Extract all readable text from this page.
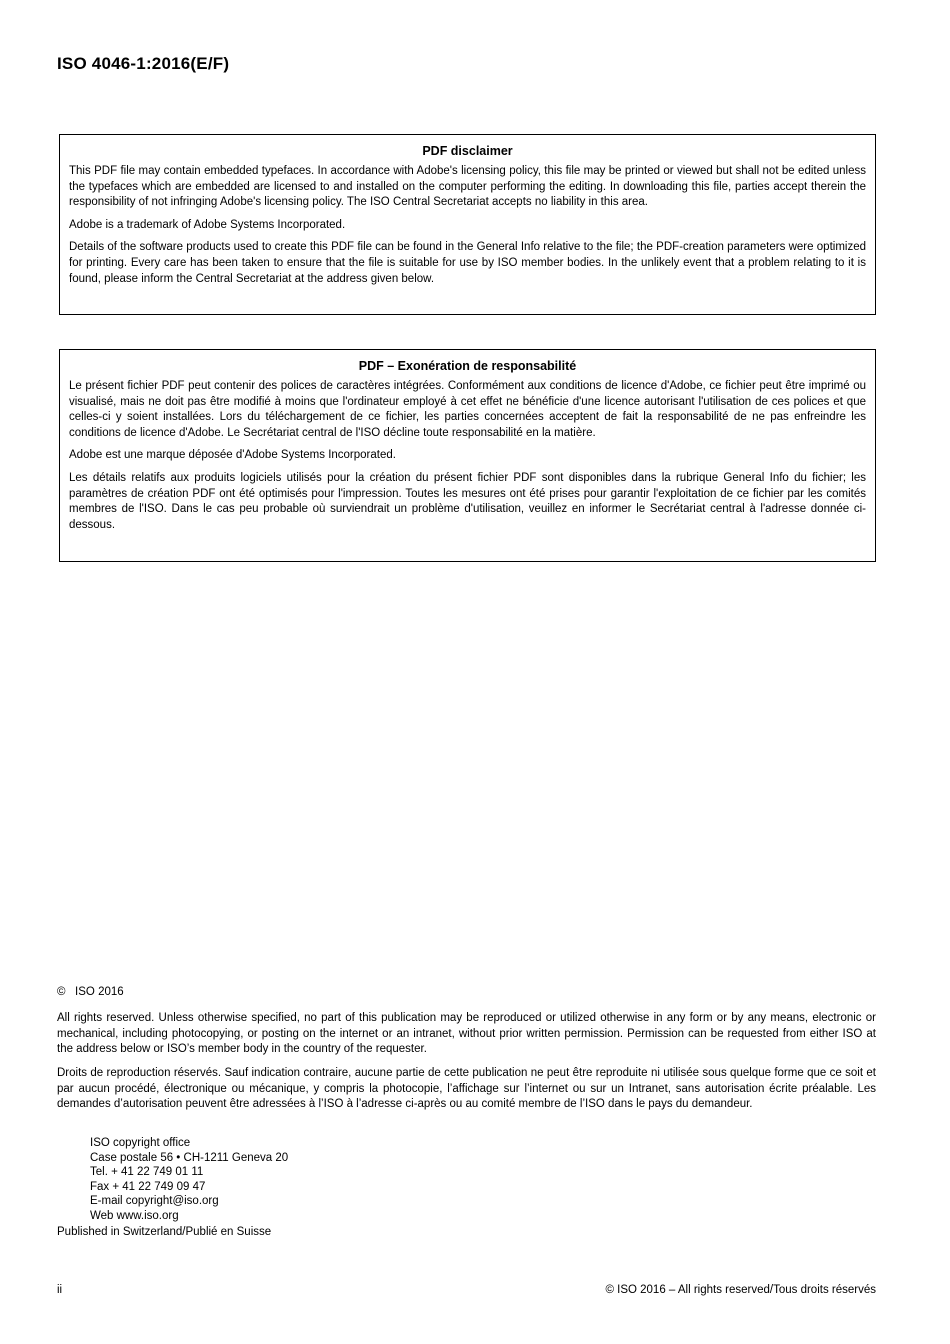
ISO 4046-1:2016(E/F)
PDF disclaimer

This PDF file may contain embedded typefaces. In accordance with Adobe's licensing policy, this file may be printed or viewed but shall not be edited unless the typefaces which are embedded are licensed to and installed on the computer performing the editing. In downloading this file, parties accept therein the responsibility of not infringing Adobe's licensing policy. The ISO Central Secretariat accepts no liability in this area.

Adobe is a trademark of Adobe Systems Incorporated.

Details of the software products used to create this PDF file can be found in the General Info relative to the file; the PDF-creation parameters were optimized for printing. Every care has been taken to ensure that the file is suitable for use by ISO member bodies. In the unlikely event that a problem relating to it is found, please inform the Central Secretariat at the address given below.

PDF – Exonération de responsabilité

Le présent fichier PDF peut contenir des polices de caractères intégrées. Conformément aux conditions de licence d'Adobe, ce fichier peut être imprimé ou visualisé, mais ne doit pas être modifié à moins que l'ordinateur employé à cet effet ne bénéficie d'une licence autorisant l'utilisation de ces polices et que celles-ci y soient installées. Lors du téléchargement de ce fichier, les parties concernées acceptent de fait la responsabilité de ne pas enfreindre les conditions de licence d'Adobe. Le Secrétariat central de l'ISO décline toute responsabilité en la matière.

Adobe est une marque déposée d'Adobe Systems Incorporated.

Les détails relatifs aux produits logiciels utilisés pour la création du présent fichier PDF sont disponibles dans la rubrique General Info du fichier; les paramètres de création PDF ont été optimisés pour l'impression. Toutes les mesures ont été prises pour garantir l'exploitation de ce fichier par les comités membres de l'ISO. Dans le cas peu probable où surviendrait un problème d'utilisation, veuillez en informer le Secrétariat central à l'adresse donnée ci-dessous.

©   ISO 2016
All rights reserved. Unless otherwise specified, no part of this publication may be reproduced or utilized otherwise in any form or by any means, electronic or mechanical, including photocopying, or posting on the internet or an intranet, without prior written permission. Permission can be requested from either ISO at the address below or ISO’s member body in the country of the requester.
Droits de reproduction réservés. Sauf indication contraire, aucune partie de cette publication ne peut être reproduite ni utilisée sous quelque forme que ce soit et par aucun procédé, électronique ou mécanique, y compris la photocopie, l’affichage sur l’internet ou sur un Intranet, sans autorisation écrite préalable. Les demandes d’autorisation peuvent être adressées à l’ISO à l’adresse ci-après ou au comité membre de l’ISO dans le pays du demandeur.
ISO copyright office
Case postale 56 • CH-1211 Geneva 20
Tel. + 41 22 749 01 11
Fax + 41 22 749 09 47
E-mail copyright@iso.org
Web www.iso.org
Published in Switzerland/Publié en Suisse
ii	© ISO 2016 – All rights reserved/Tous droits réservés
